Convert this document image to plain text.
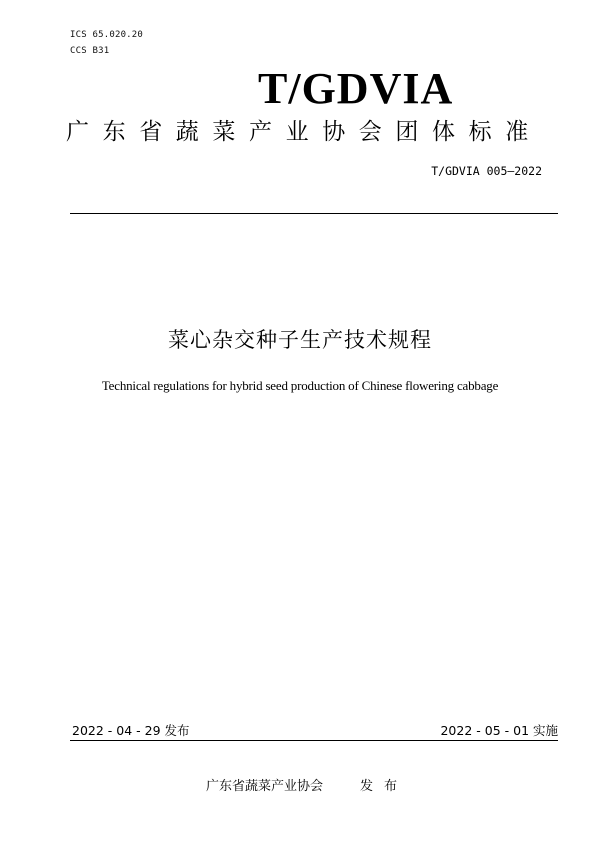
ICS 65.020.20
CCS B31
T/GDVIA
广东省蔬菜产业协会团体标准
T/GDVIA 005—2022
菜心杂交种子生产技术规程
Technical regulations for hybrid seed production of Chinese flowering cabbage
2022 - 04 - 29 发布	2022 - 05 - 01 实施
广东省蔬菜产业协会	发布
